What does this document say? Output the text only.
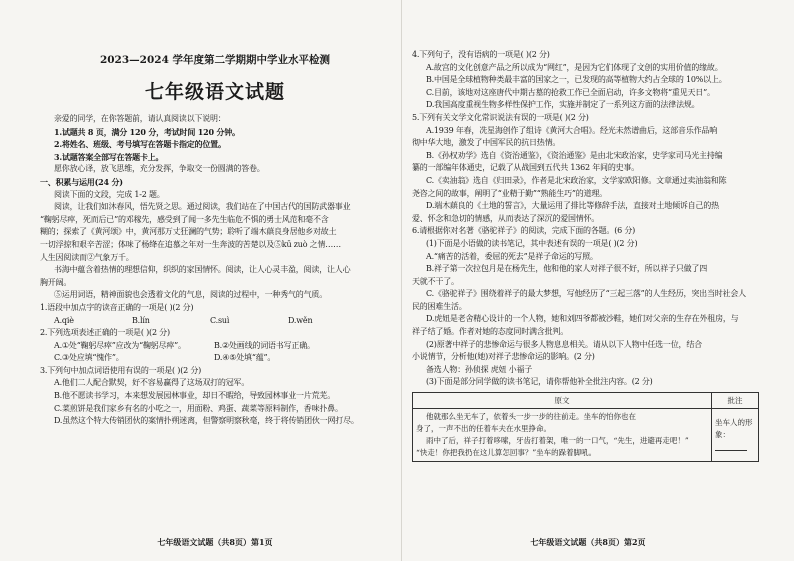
2023—2024 学年度第二学期期中学业水平检测
七年级语文试题
亲爱的同学，在你答题前，请认真阅读以下说明：
1.试题共 8 页，满分 120 分，考试时间 120 分钟。
2.将姓名、班级、考号填写在答题卡指定的位置。
3.试题答案全部写在答题卡上。
愿你放心译，放飞思维，充分发挥，争取交一份圆满的答卷。
一、积累与运用(24 分)
阅读下面的文段，完成 1-2 题。
阅读，让我们如沐春风，悟先贤之思。通过阅读，我们站在了中国古代的国防武器事业
“鞠躬尽瘁，死而后已”的邓稼先，感受到了闻一多先生临危不惧的勇士风范和毫不含
糊的；探索了《黄河颂》中，黄河那万丈狂澜的气势；聆听了端木蕻良身居他乡对故土
一切浮掠和艰辛苦涩；体味了杨绛在追慕之年对一生奔波的苦楚以及⑤kū zuò 之情……
人生因阅读而②气象万千。
书海中蕴含着热情的理想信仰，织织的家国情怀。阅读，让人心灵丰盈，阅读，让人心
胸开阔。
⑤运用词语，精神面貌也会透着文化的气息，阅读的过程中，一种秀气的气质。
1.语段中加点字的读音正确的一项是( )(2 分)
A.qiè	B.lín	C.suì	D.wěn
2.下列选项表述正确的一项是( )(2 分)
A.①处“鞠躬尽瘁”应改为“鞠躬尽瘁”。	B.②处画线的词语书写正确。
C.③处应填“愧作”。	D.④⑤处填“蕴”。
3.下列句中加点词语使用有误的一项是( )(2 分)
A.他们二人配合默契，好不容易赢得了这场双打的冠军。
B.他不愿读书学习，本来想发展园林事业，却日不暇给，导致园林事业一片荒芜。
C.菜煎饼是我们家乡有名的小吃之一，用面粉、鸡蛋、蔬菜等原料制作，香味扑鼻。
D.虽然这个特大传销团伙的案情扑朔迷离，但警察明察秋毫，终于将传销团伙一网打尽。
七年级语文试题（共8页）第1页
4.下列句子，没有语病的一项是( )(2 分)
A.故宫的文化创意产品之所以成为“网红”，是因为它们体现了文创的实用价值的缘故。
B.中国是全球植物种类最丰富的国家之一，已发现的高等植物大约占全球的 10%以上。
C.目前，该地对这座唐代中期古墓的抢救工作已全面启动，许多文物将“重见天日”。
D.我国高度重视生物多样性保护工作，实施并制定了一系列这方面的法律法规。
5.下列有关文学文化常识说法有误的一项是( )(2 分)
A.1939 年春，冼星海创作了组诗《黄河大合唱》。经光未然谱曲后，这部音乐作品响
彻中华大地，激发了中国军民的抗日热情。
B.《孙权劝学》选自《资治通鉴》，《资治通鉴》是由北宋政治家，史学家司马光主持编
纂的一部编年体通史，记载了从战国到五代共 1362 年间的史事。
C.《卖油翁》选自《归田录》，作者是北宋政治家，文学家欧阳修。文章通过卖油翁和陈
尧咨之间的故事，阐明了“业精于勤”“熟能生巧”的道理。
D.端木蕻良的《土地的誓言》，大量运用了排比等修辞手法，直接对土地倾诉自己的热
爱、怀念和急切的情感，从而表达了深沉的爱国情怀。
6.请根据你对名著《骆驼祥子》的阅读，完成下面的各题。(6 分)
(1)下面是小语做的读书笔记，其中表述有误的一项是( )(2 分)
A.“痛苦的活着，委屈的死去”是祥子命运的写照。
B.祥子第一次拉包月是在杨先生，他和他的家人对祥子很不好，所以祥子只做了四
天就不干了。
C.《骆驼祥子》围绕着祥子的最大梦想，写他经历了“三起三落”的人生经历，突出当时社会人
民的困难生活。
D.虎妞是老舍精心设计的一个人物，她和刘四爷都被沙鞋，她们对父亲的生存在外租房，与
祥子结了婚。作者对她的态度同时满含批判。
(2)原著中祥子的悲惨命运与很多人物息息相关。请从以下人物中任选一位，结合
小说情节，分析他(她)对祥子悲惨命运的影响。(2 分)
备选人物：孙侦探 虎妞 小福子
(3)下面是部分同学做的读书笔记，请你帮他补全批注内容。(2 分)
原文	批注

他就那么坐无车了，依着头一步一步的往前走。坐车的怕你也在
身了，一声不出的任着车夫在水里挣命。
雨中了后，祥子打着哆嗦，牙齿打着架，唯一的一口气，“先生，进避再走吧！”
“快走！你把我扔在这儿算怎回事？”坐车的跺着脚吼。	坐车人的形象：
七年级语文试题（共8页）第2页
